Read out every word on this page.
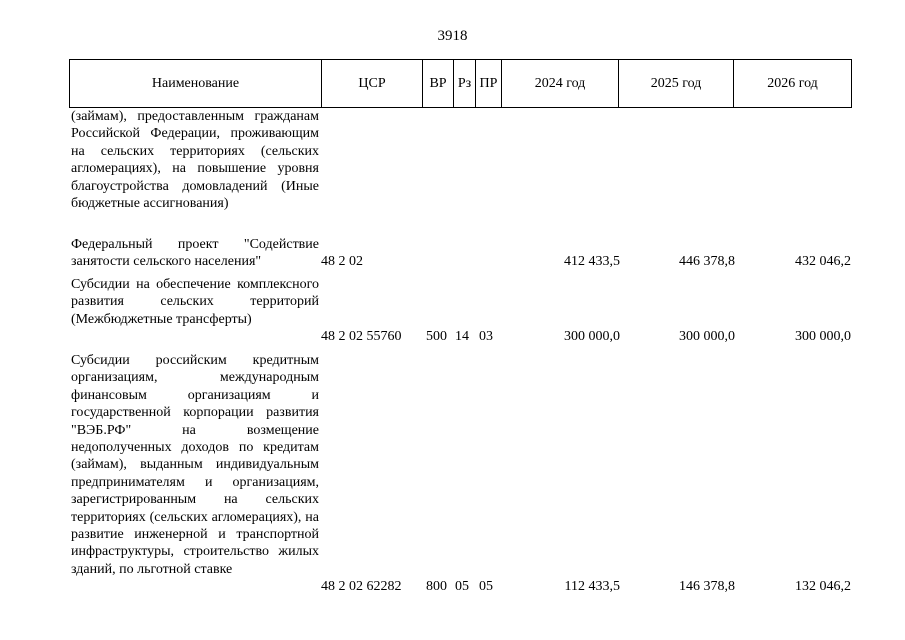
3918
Наименование	ЦСР	ВР	Рз	ПР	2024 год	2025 год	2026 год
(займам), предоставленным гражданам Российской Федерации, проживающим на сельских территориях (сельских агломерациях), на повышение уровня благоустройства домовладений (Иные бюджетные ассигнования)
Федеральный проект "Содействие занятости сельского населения"	48 2 02	412 433,5	446 378,8	432 046,2
Субсидии на обеспечение комплексного развития сельских территорий (Межбюджетные трансферты)
48 2 02 55760 500 14 03	300 000,0	300 000,0	300 000,0
Субсидии российским кредитным организациям, международным финансовым организациям и государственной корпорации развития "ВЭБ.РФ" на возмещение недополученных доходов по кредитам (займам), выданным индивидуальным предпринимателям и организациям, зарегистрированным на сельских территориях (сельских агломерациях), на развитие инженерной и транспортной инфраструктуры, строительство жилых зданий, по льготной ставке
48 2 02 62282 800 05 05	112 433,5	146 378,8	132 046,2
